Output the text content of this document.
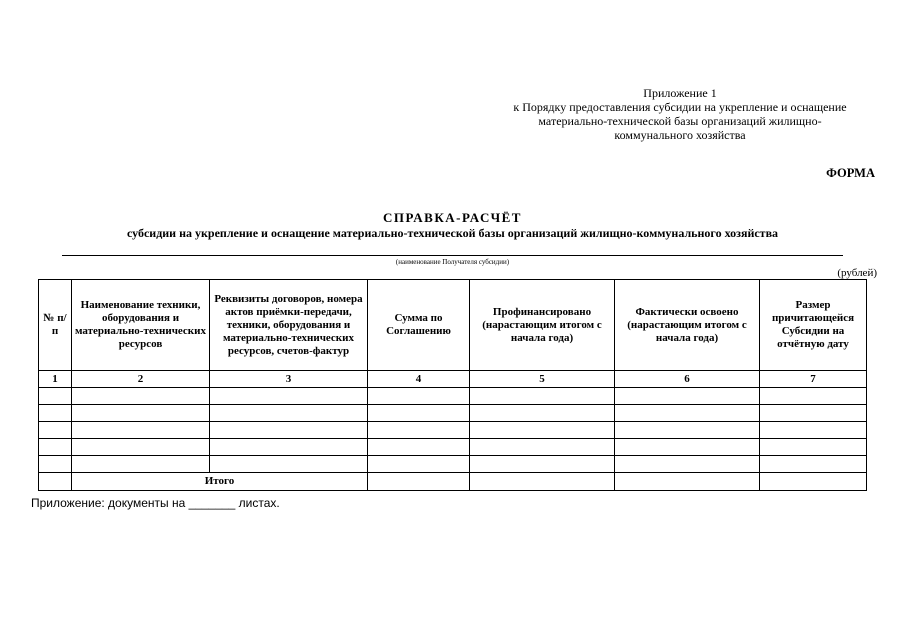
Приложение 1
к Порядку предоставления субсидии на укрепление и оснащение
материально-технической базы организаций жилищно-
коммунального хозяйства
ФОРМА
СПРАВКА-РАСЧЁТ
субсидии на укрепление и оснащение материально-технической базы организаций жилищно-коммунального хозяйства
(наименование Получателя субсидии)
(рублей)
№ п/п	Наименование техники, оборудования и материально-технических ресурсов	Реквизиты договоров, номера актов приёмки-передачи, техники, оборудования и материально-технических ресурсов, счетов-фактур	Сумма по Соглашению	Профинансировано (нарастающим итогом с начала года)	Фактически освоено (нарастающим итогом с начала года)	Размер причитающейся Субсидии на отчётную дату
1	2	3	4	5	6	7

	Итого					
Приложение: документы на _______ листах.
